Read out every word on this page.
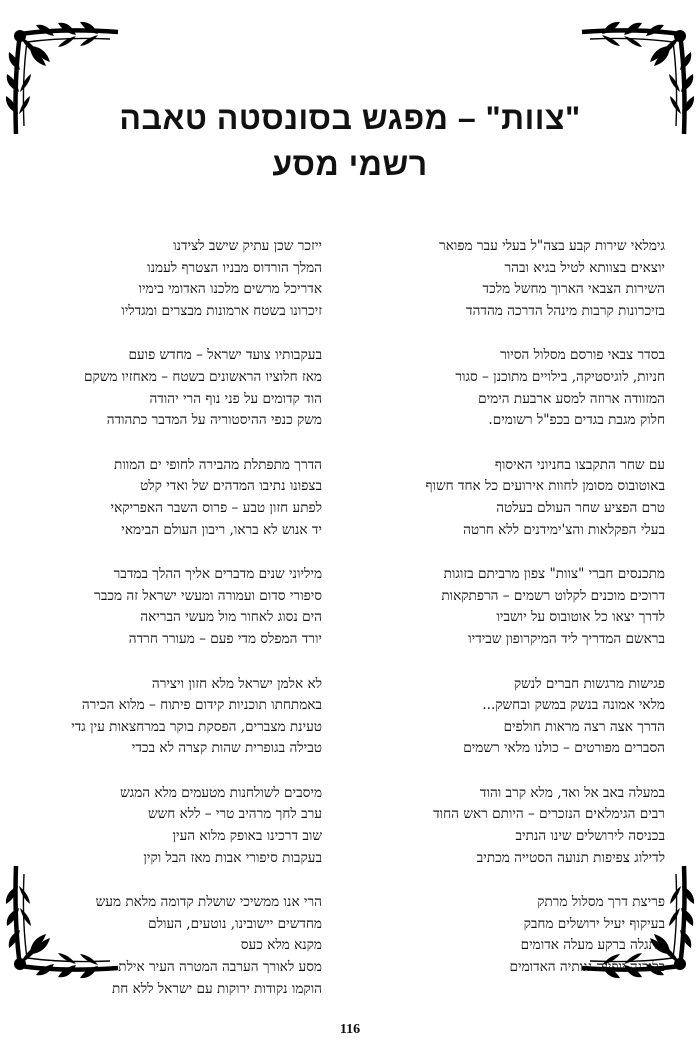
"צוות" – מפגש בסונסטה טאבה
רשמי מסע
גימלאי שירות קבע בצה"ל בעלי עבר מפואר
יוצאים בצוותא לטיל בגיא ובהר
השירות הצבאי הארוך מחשל מלכד
בזיכרונות קרבות מינהל הדרכה מהדהד
בסדר צבאי פורסם מסלול הסיור
חניות, לוגיסטיקה, בילויים מתוכנן – סגור
המזוודה ארוזה למסע ארבעת הימים
חלוק מגבת בגדים בכפ"ל רשומים.
עם שחר התקבצו בחניוני האיסוף
באוטובוס מסומן לחוות אירועים כל אחד חשוף
טרם הפציע שחר העולם בעלטה
בעלי הפקלאות והצ'ימידנים ללא חרטה
מתכנסים חברי "צוות" צפון מרביתם בזוגות
דרוכים מוכנים לקלוט רשמים – הרפתקאות
לדרך יצאו כל אוטובוס על יושביו
בראשם המדריך ליד המיקרופון שבידיו
פגישות מרגשות חברים לנשק
מלאי אמונה בנשק במשק ובחשק...
הדרך אצה רצה מראות חולפים
הסברים מפורטים – כולנו מלאי רשמים
במעלה באב אל ואד, מלא קרב והוד
רבים הגימלאים הנזכרים – היותם ראש החוד
בכניסה לירושלים שינו הנתיב
לדילוג צפיפות תנועה הסטייה מכתיב
פריצת דרך מסלול מרתק
בעיקוף יעיל ירושלים מחבק
מתגלה ברקע מעלה אדומים
בלובנה יופייה גגותיה האדומים
ייזכר שכן עתיק שישב לצידנו
המלך הורדוס מבניו הצטרף לעמנו
אדריכל מרשים מלכנו האדומי בימיו
זיכרונו בשטח ארמונות מבצרים ומגדליו
בעקבותיו צועד ישראל – מחדש פועם
מאז חלוציו הראשונים בשטח – מאחזיו משקם
הוד קדומים על פני נוף הרי יהודה
משק כנפי ההיסטוריה על המדבר כתהודה
הדרך מתפתלת מהבירה לחופי ים המוות
בצפונו נתיבו המדהים של ואדי קלט
לפתע חזון טבע – פרוס השבר האפריקאי
יד אנוש לא בראו, ריבון העולם הבימאי
מיליוני שנים מדברים אליך ההלך במדבר
סיפורי סדום ועמורה ומעשי ישראל זה מכבר
הים נסוג לאחור מול מעשי הבריאה
יורד המפלס מדי פעם – מעורר חרדה
לא אלמן ישראל מלא חזון ויצירה
באמתחתו תוכניות קידום פיתוח – מלוא הכירה
טעינת מצברים, הפסקת בוקר במרחצאות עין גדי
טבילה בגופרית שהות קצרה לא בכדי
מיסבים לשולחנות מטעמים מלא המגש
ערב לחך מרהיב טרי – ללא חשש
שוב דרכינו באופק מלוא העין
בעקבות סיפורי אבות מאז הבל וקין
הרי אנו ממשיכי שושלת קדומה מלאת מעש
מחדשים יישובינו, נוטעים, העולם
מקנא מלא כעס
מסע לאורך הערבה המטרה העיר אילת
הוקמו נקודות ירוקות עם ישראל ללא חת
116
